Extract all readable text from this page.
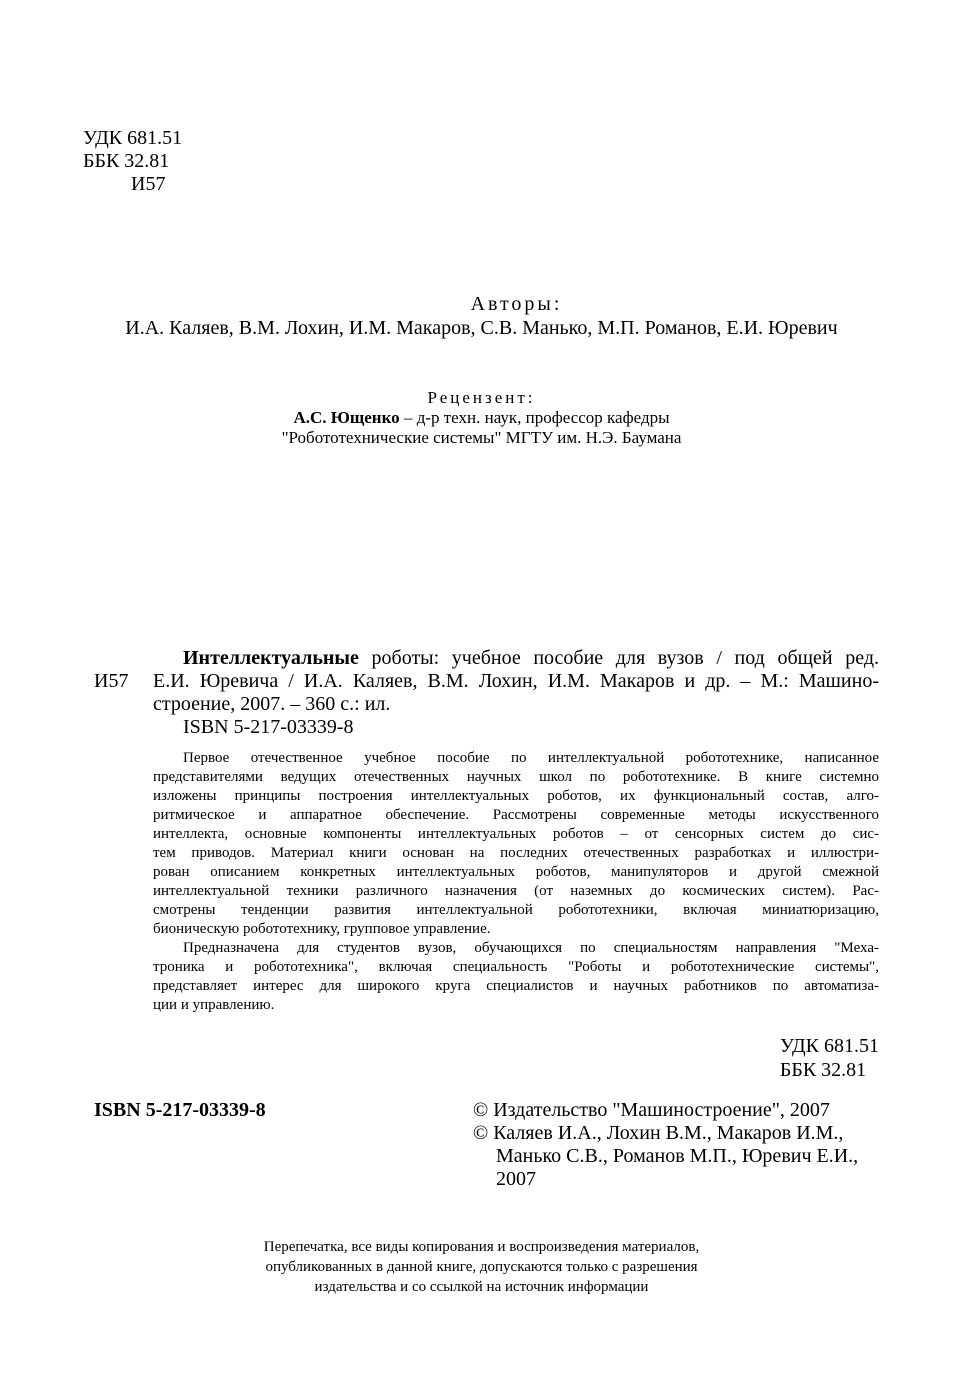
УДК 681.51
ББК 32.81
И57
Авторы:
И.А. Каляев, В.М. Лохин, И.М. Макаров, С.В. Манько, М.П. Романов, Е.И. Юревич
Рецензент:
А.С. Ющенко – д-р техн. наук, профессор кафедры
"Робототехнические системы" МГТУ им. Н.Э. Баумана
И57
Интеллектуальные роботы: учебное пособие для вузов / под общей ред.
Е.И. Юревича / И.А. Каляев, В.М. Лохин, И.М. Макаров и др. – М.: Машино-
строение, 2007. – 360 с.: ил.
ISBN 5-217-03339-8
Первое отечественное учебное пособие по интеллектуальной робототехнике, написанное
представителями ведущих отечественных научных школ по робототехнике. В книге системно
изложены принципы построения интеллектуальных роботов, их функциональный состав, алго-
ритмическое и аппаратное обеспечение. Рассмотрены современные методы искусственного
интеллекта, основные компоненты интеллектуальных роботов – от сенсорных систем до сис-
тем приводов. Материал книги основан на последних отечественных разработках и иллюстри-
рован описанием конкретных интеллектуальных роботов, манипуляторов и другой смежной
интеллектуальной техники различного назначения (от наземных до космических систем). Рас-
смотрены тенденции развития интеллектуальной робототехники, включая миниатюризацию,
бионическую робототехнику, групповое управление.
Предназначена для студентов вузов, обучающихся по специальностям направления "Меха-
троника и робототехника", включая специальность "Роботы и робототехнические системы",
представляет интерес для широкого круга специалистов и научных работников по автоматиза-
ции и управлению.
УДК 681.51
ББК 32.81
ISBN 5-217-03339-8	© Издательство "Машиностроение", 2007
© Каляев И.А., Лохин В.М., Макаров И.М.,
Манько С.В., Романов М.П., Юревич Е.И.,
2007
Перепечатка, все виды копирования и воспроизведения материалов,
опубликованных в данной книге, допускаются только с разрешения
издательства и со ссылкой на источник информации
